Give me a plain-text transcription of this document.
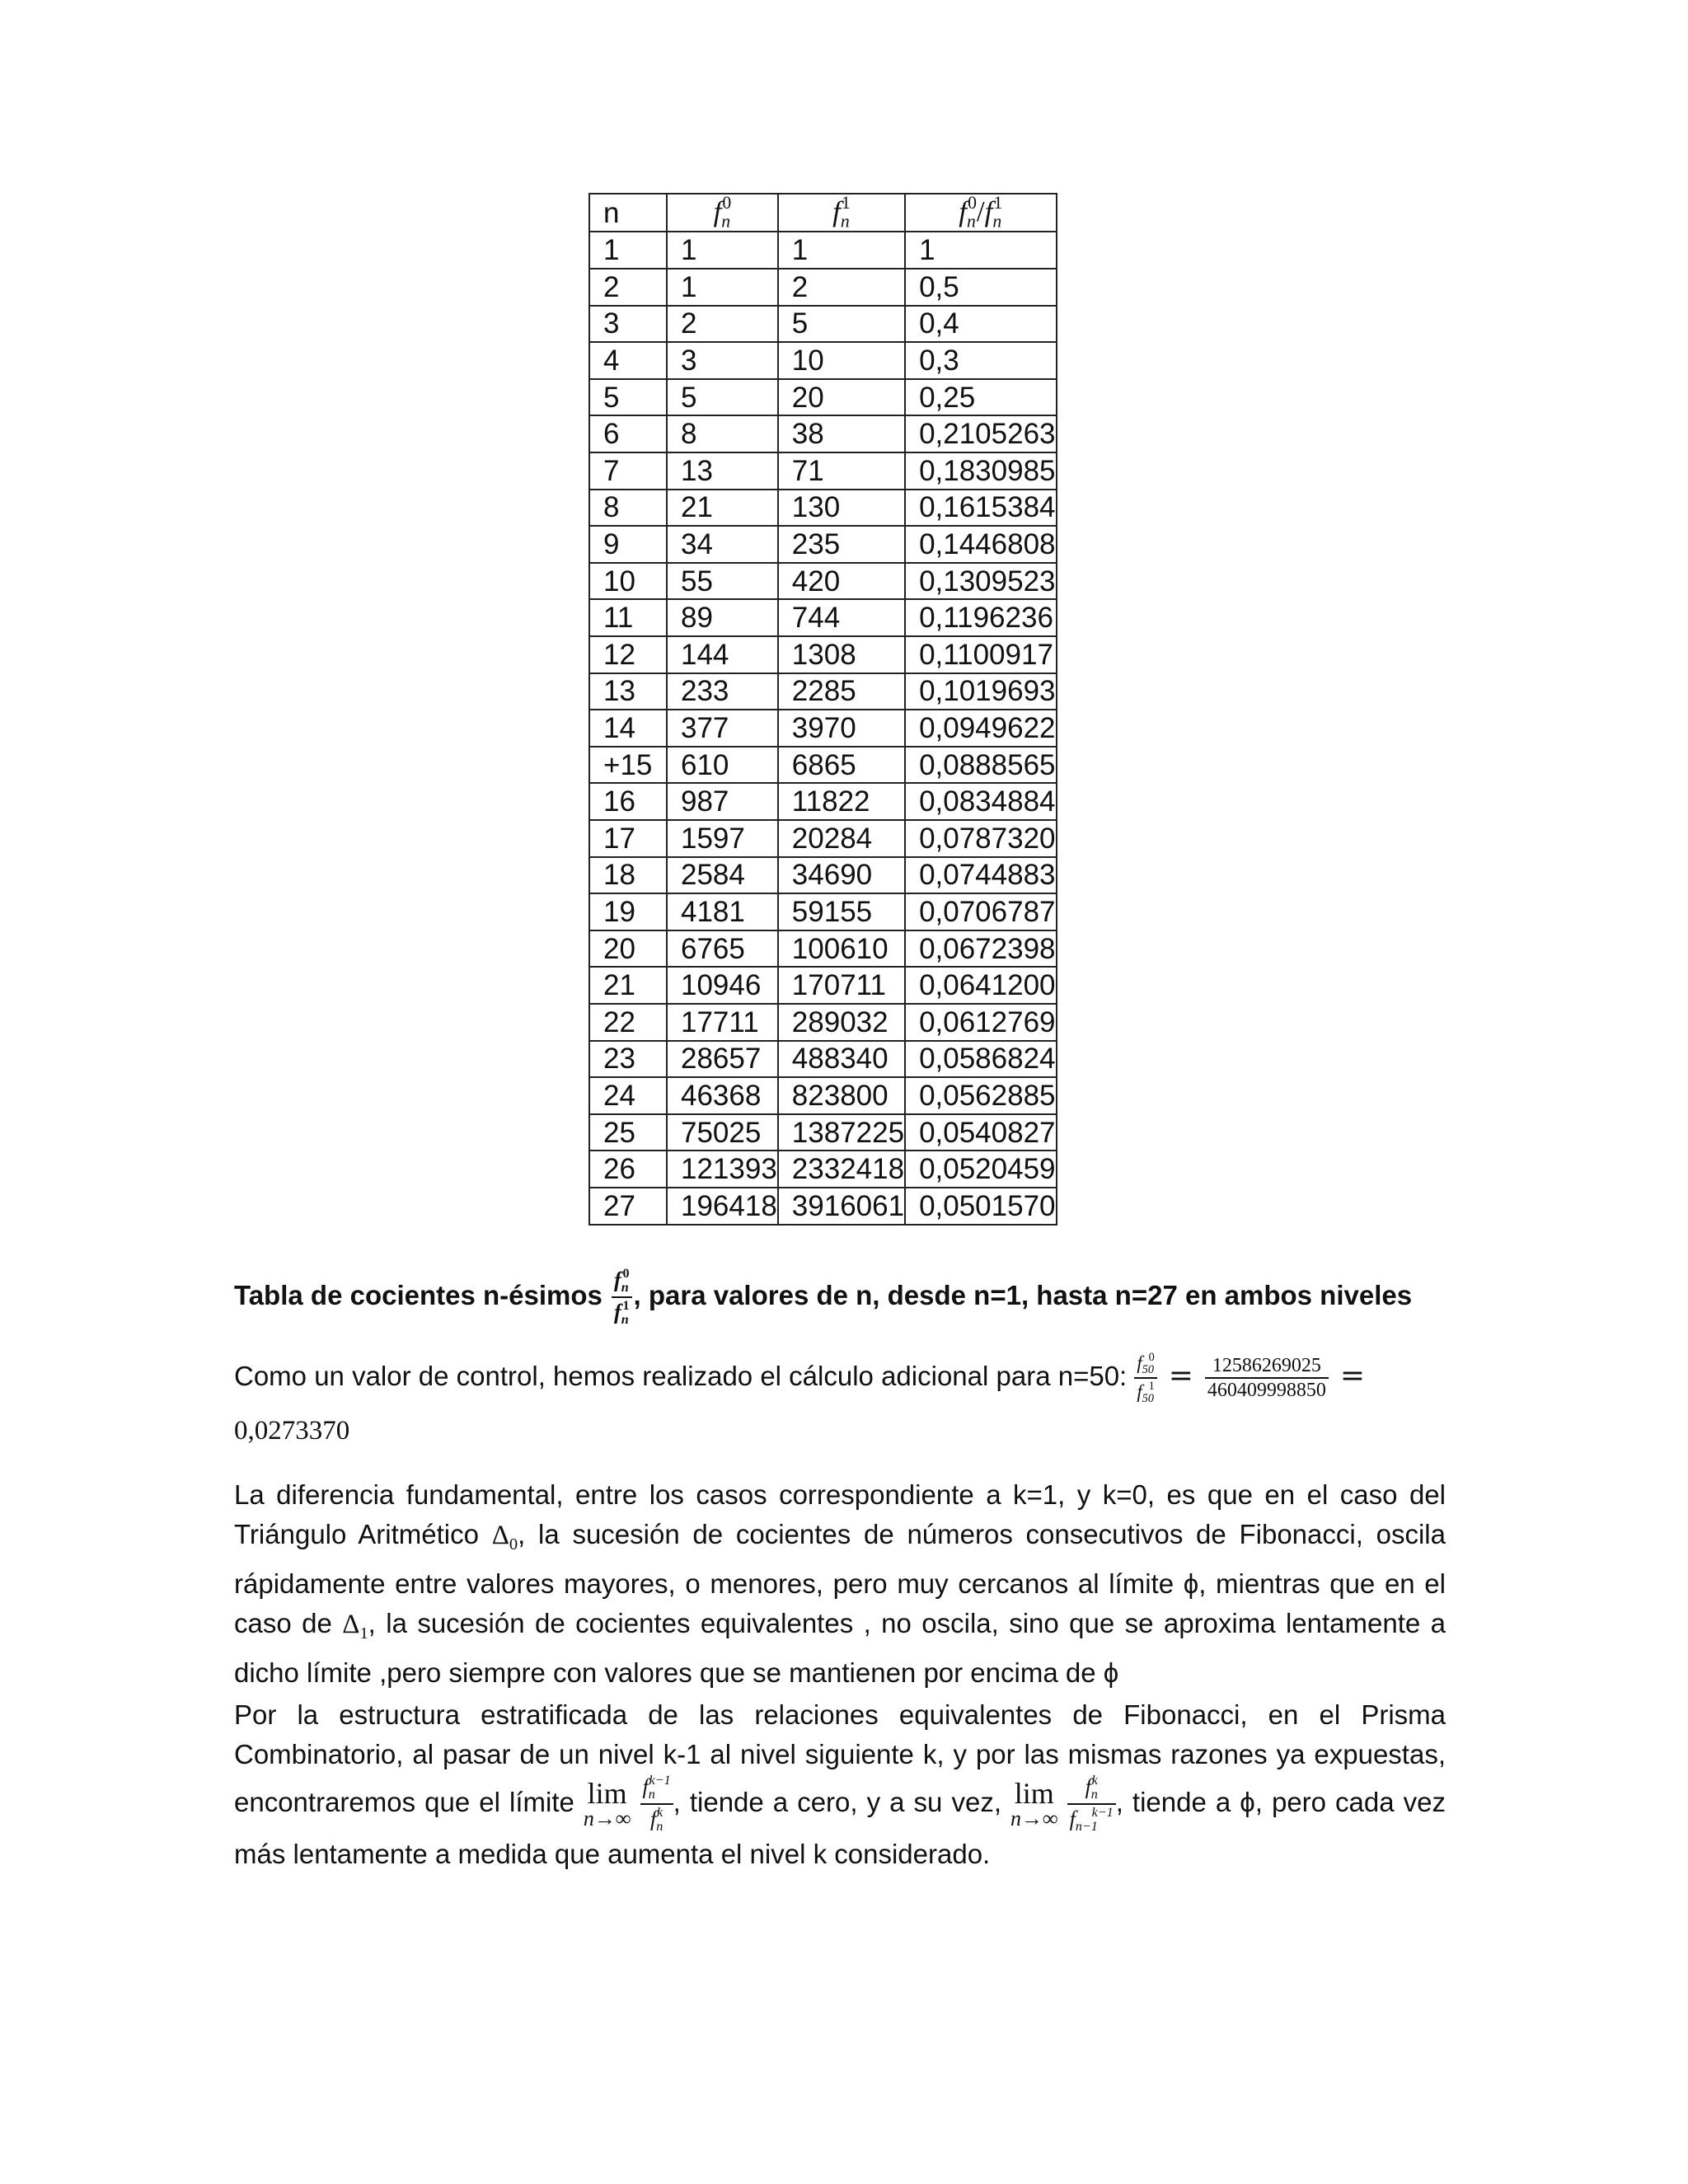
n	$f_n^0$	$f_n^1$	$f_n^0/f_n^1$
1	1	1	1
2	1	2	0,5
3	2	5	0,4
4	3	10	0,3
5	5	20	0,25
6	8	38	0,2105263
7	13	71	0,1830985
8	21	130	0,1615384
9	34	235	0,1446808
10	55	420	0,1309523
11	89	744	0,1196236
12	144	1308	0,1100917
13	233	2285	0,1019693
14	377	3970	0,0949622
+15	610	6865	0,0888565
16	987	11822	0,0834884
17	1597	20284	0,0787320
18	2584	34690	0,0744883
19	4181	59155	0,0706787
20	6765	100610	0,0672398
21	10946	170711	0,0641200
22	17711	289032	0,0612769
23	28657	488340	0,0586824
24	46368	823800	0,0562885
25	75025	1387225	0,0540827
26	121393	2332418	0,0520459
27	196418	3916061	0,0501570
Tabla de cocientes n-ésimos $\frac{f_n^0}{f_n^1}$ , para valores de n, desde n=1, hasta n=27 en ambos niveles
Como un valor de control, hemos realizado el cálculo adicional para n=50: $\frac{f_{50}^0}{f_{50}^1} = \frac{12586269025}{460409998850}$ =
0,0273370
La diferencia fundamental, entre los casos correspondiente a k=1, y k=0, es que en el caso del Triángulo Aritmético $\Delta_0$, la sucesión de cocientes de números consecutivos de Fibonacci, oscila rápidamente entre valores mayores, o menores, pero muy cercanos al límite ϕ, mientras que en el caso de $\Delta_1$, la sucesión de cocientes equivalentes , no oscila, sino que se aproxima lentamente a dicho límite ,pero siempre con valores que se mantienen por encima de ϕ
Por la estructura estratificada de las relaciones equivalentes de Fibonacci, en el Prisma Combinatorio, al pasar de un nivel k-1 al nivel siguiente k, y por las mismas razones ya expuestas, encontraremos que el límite lim
n→∞
$\frac{f_n^{k-1}}{f_n^k}$ , tiende a cero, y a su vez, lim
n→∞
$\frac{f_n^k}{f_{n-1}^{k-1}}$ , tiende a ϕ, pero cada vez más lentamente a medida que aumenta el nivel k considerado.
